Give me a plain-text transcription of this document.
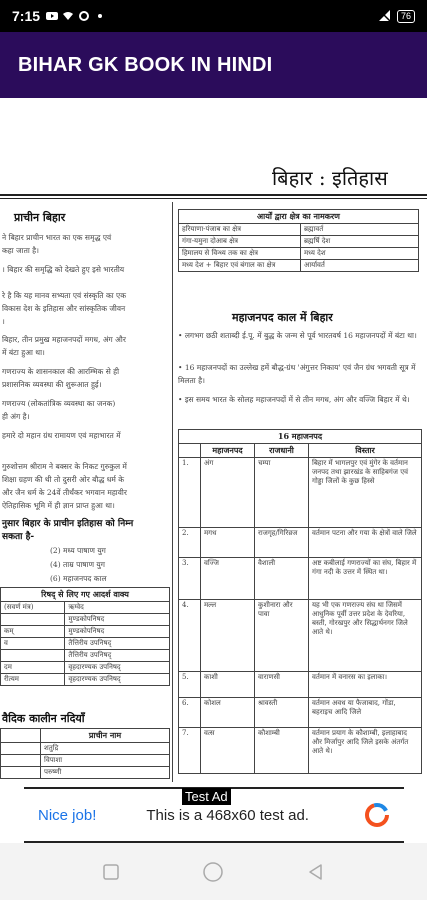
7:15	76
BIHAR GK BOOK IN HINDI
बिहार : इतिहास
प्राचीन बिहार
ने बिहार प्राचीन भारत का एक समृद्ध एवं
कहा जाता है।
। बिहार की समृद्धि को देखते हुए इसे भारतीय
रे है कि यह मानव सभ्यता एवं संस्कृति का एक
विकास देश के इतिहास और सांस्कृतिक जीवन
।
बिहार, तीन प्रमुख महाजनपदों मगध, अंग और
में बंटा हुआ था।
गणराज्य के शासनकाल की आरम्भिक से ही
प्रशासनिक व्यवस्था की शुरूआत हुई।
गणराज्य (लोकतांत्रिक व्यवस्था का जनक)
ही अंग है।
हमारे दो महान ग्रंथ रामायण एवं महाभारत में
गुरुशोत्तम श्रीराम ने बक्सर के निकट गुरुकुल में
शिक्षा ग्रहण की थी तो दुसरी ओर बौद्ध धर्म के
और जैन धर्म के 24वें तीर्थंकर भगवान महावीर
ऐतिहासिक भूमि में ही ज्ञान प्राप्त हुआ था।
नुसार बिहार के प्राचीन इतिहास को निम्न
सकता है-
(2) मध्य पाषाण युग
(4) ताम्र पाषाण युग
(6) महाजनपद काल
रिषद् से लिए गए आदर्श वाक्य	
(सवर्ण मंत्र)	ऋग्वेद
	मुण्डकोपनिषद
कम्	मुण्डकोपनिषद
व	तैत्तिरीय उपनिषद्
	तैत्तिरीय उपनिषद्
दम	वृहदारण्यक उपनिषद्
रीत्यम	वृहदारण्यक उपनिषद्
वैदिक कालीन नदियाँ
	प्राचीन नाम
	शतुद्रि
	विपाशा
	परुष्णी
आर्यों द्वारा क्षेत्र का नामकरण	
हरियाणा-पंजाब का क्षेत्र	ब्रह्मावर्त
गंगा-यमुना दोआब क्षेत्र	ब्रह्मर्षि देश
हिमालय से विन्ध्य तक का क्षेत्र	मध्य देश
मध्य देश + बिहार एवं बंगाल का क्षेत्र	आर्यावर्त
महाजनपद काल में बिहार
• लगभग छठी शताब्दी ई.पू. में बुद्ध के जन्म से पूर्व भारतवर्ष 16 महाजनपदों में बंटा था।
• 16 महाजनपदों का उल्लेख हमें बौद्ध-ग्रंथ 'अंगुत्तर निकाय' एवं जैन ग्रंथ भगवती सूत्र में मिलता है।
• इस समय भारत के सोलह महाजनपदों में से तीन मगध, अंग और वज्जि बिहार में थे।
16 महाजनपद			
	महाजनपद	राजधानी	विस्तार
1.	अंग	चम्पा	बिहार में भागलपुर एवं मुंगेर के वर्तमान जनपद तथा झारखंड के साहिबगंज एवं गोड्डा जिलों के कुछ हिस्से
2.	मगध	राजगृह/गिरिव्रज	वर्तमान पटना और गया के क्षेत्रों वाले जिले
3.	वज्जि	वैशाली	अष्ट कबीलाई गणराज्यों का संघ, बिहार में गंगा नदी के उत्तर में स्थित था।
4.	मल्ल	कुशीनारा और पावा	यह भी एक गणराज्य संघ था जिसमें आधुनिक पूर्वी उत्तर प्रदेश के देवरिया, बस्ती, गोरखपुर और सिद्धार्थनगर जिले आते थे।
5.	काशी	वाराणसी	वर्तमान में वनारस का इलाका।
6.	कोशल	श्रावस्ती	वर्तमान अवध या फैजाबाद, गोंडा, बहराइच आदि जिले
7.	वत्स	कौशाम्बी	वर्तमान प्रयाग के कौशाम्बी, इलाहाबाद और मिर्जापुर आदि जिले इसके अंतर्गत आते थे।
Nice job!	This is a 468x60 test ad.
Test Ad
